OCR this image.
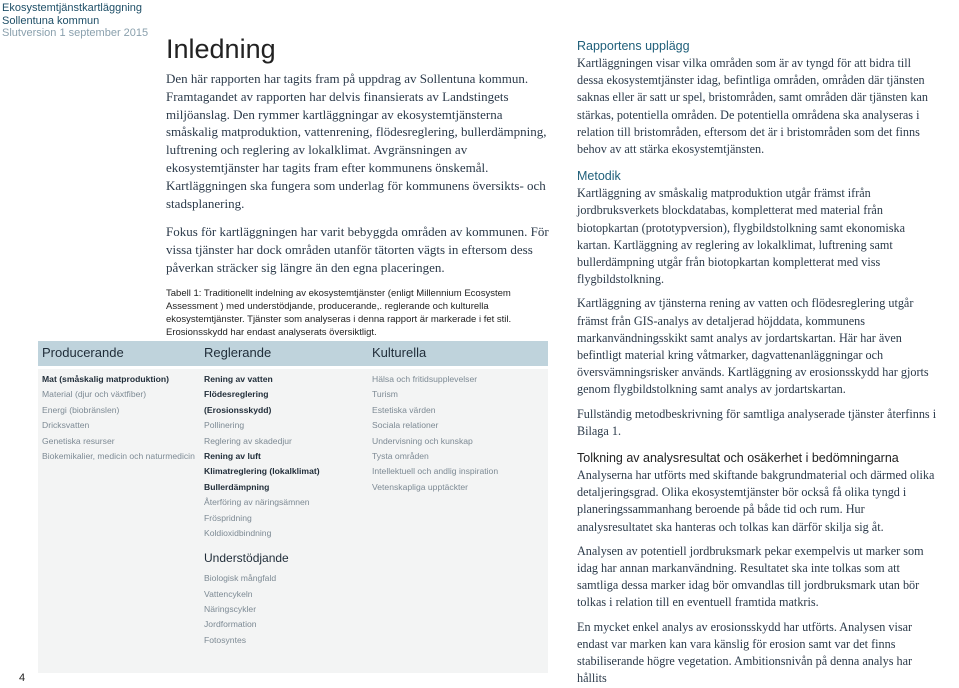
Ekosystemtjänstkartläggning
Sollentuna kommun
Slutversion 1 september 2015
Inledning

Den här rapporten har tagits fram på uppdrag av Sollentuna kommun. Framtagandet av rapporten har delvis finansierats av Landstingets miljöanslag. Den rymmer kartläggningar av ekosystemtjänsterna småskalig matproduktion, vattenrening, flödesreglering, bullerdämpning, luftrening och reglering av lokalklimat. Avgränsningen av ekosystemtjänster har tagits fram efter kommunens önskemål. Kartläggningen ska fungera som underlag för kommunens översikts- och stadsplanering.

Fokus för kartläggningen har varit bebyggda områden av kommunen. För vissa tjänster har dock områden utanför tätorten vägts in eftersom dess påverkan sträcker sig längre än den egna placeringen.

Tabell 1: Traditionellt indelning av ekosystemtjänster (enligt Millennium Ecosystem Assessment ) med understödjande, producerande,. reglerande och kulturella ekosystemtjänster. Tjänster som analyseras i denna rapport är markerade i fet stil. Erosionsskydd har endast analyserats översiktligt.
Producerande	Reglerande	Kulturella
Mat (småskalig matproduktion)
Material (djur och växtfiber)
Energi (biobränslen)
Dricksvatten
Genetiska resurser
Biokemikalier, medicin och naturmedicin
Rening av vatten
Flödesreglering
(Erosionsskydd)
Pollinering
Reglering av skadedjur
Rening av luft
Klimatreglering (lokalklimat)
Bullerdämpning
Återföring av näringsämnen
Fröspridning
Koldioxidbindning
Understödjande
Biologisk mångfald
Vattencykeln
Näringscykler
Jordformation
Fotosyntes
Hälsa och fritidsupplevelser
Turism
Estetiska värden
Sociala relationer
Undervisning och kunskap
Tysta områden
Intellektuell och andlig inspiration
Vetenskapliga upptäckter
Rapportens upplägg

Kartläggningen visar vilka områden som är av tyngd för att bidra till dessa ekosystemtjänster idag, befintliga områden, områden där tjänsten saknas eller är satt ur spel, bristområden, samt områden där tjänsten kan stärkas, potentiella områden. De potentiella områdena ska analyseras i relation till bristområden, eftersom det är i bristområden som det finns behov av att stärka ekosystemtjänsten.

Metodik

Kartläggning av småskalig matproduktion utgår främst ifrån jordbruksverkets blockdatabas, kompletterat med material från biotopkartan (prototypversion), flygbildstolkning samt ekonomiska kartan. Kartläggning av reglering av lokalklimat, luftrening samt bullerdämpning utgår från biotopkartan kompletterat med viss flygbildstolkning.

Kartläggning av tjänsterna rening av vatten och flödesreglering utgår främst från GIS-analys av detaljerad höjddata, kommunens markanvändningsskikt samt analys av jordartskartan. Här har även befintligt material kring våtmarker, dagvattenanläggningar och översvämningsrisker används. Kartläggning av erosionsskydd har gjorts genom flygbildstolkning samt analys av jordartskartan.

Fullständig metodbeskrivning för samtliga analyserade tjänster återfinns i Bilaga 1.

Tolkning av analysresultat och osäkerhet i bedömningarna

Analyserna har utförts med skiftande bakgrundmaterial och därmed olika detaljeringsgrad. Olika ekosystemtjänster bör också få olika tyngd i planeringssammanhang beroende på både tid och rum. Hur analysresultatet ska hanteras och tolkas kan därför skilja sig åt.

Analysen av potentiell jordbruksmark pekar exempelvis ut marker som idag har annan markanvändning. Resultatet ska inte tolkas som att samtliga dessa marker idag bör omvandlas till jordbruksmark utan bör tolkas i relation till en eventuell framtida matkris.

En mycket enkel analys av erosionsskydd har utförts. Analysen visar endast var marken kan vara känslig för erosion samt var det finns stabiliserande högre vegetation. Ambitionsnivån på denna analys har hållits

4
